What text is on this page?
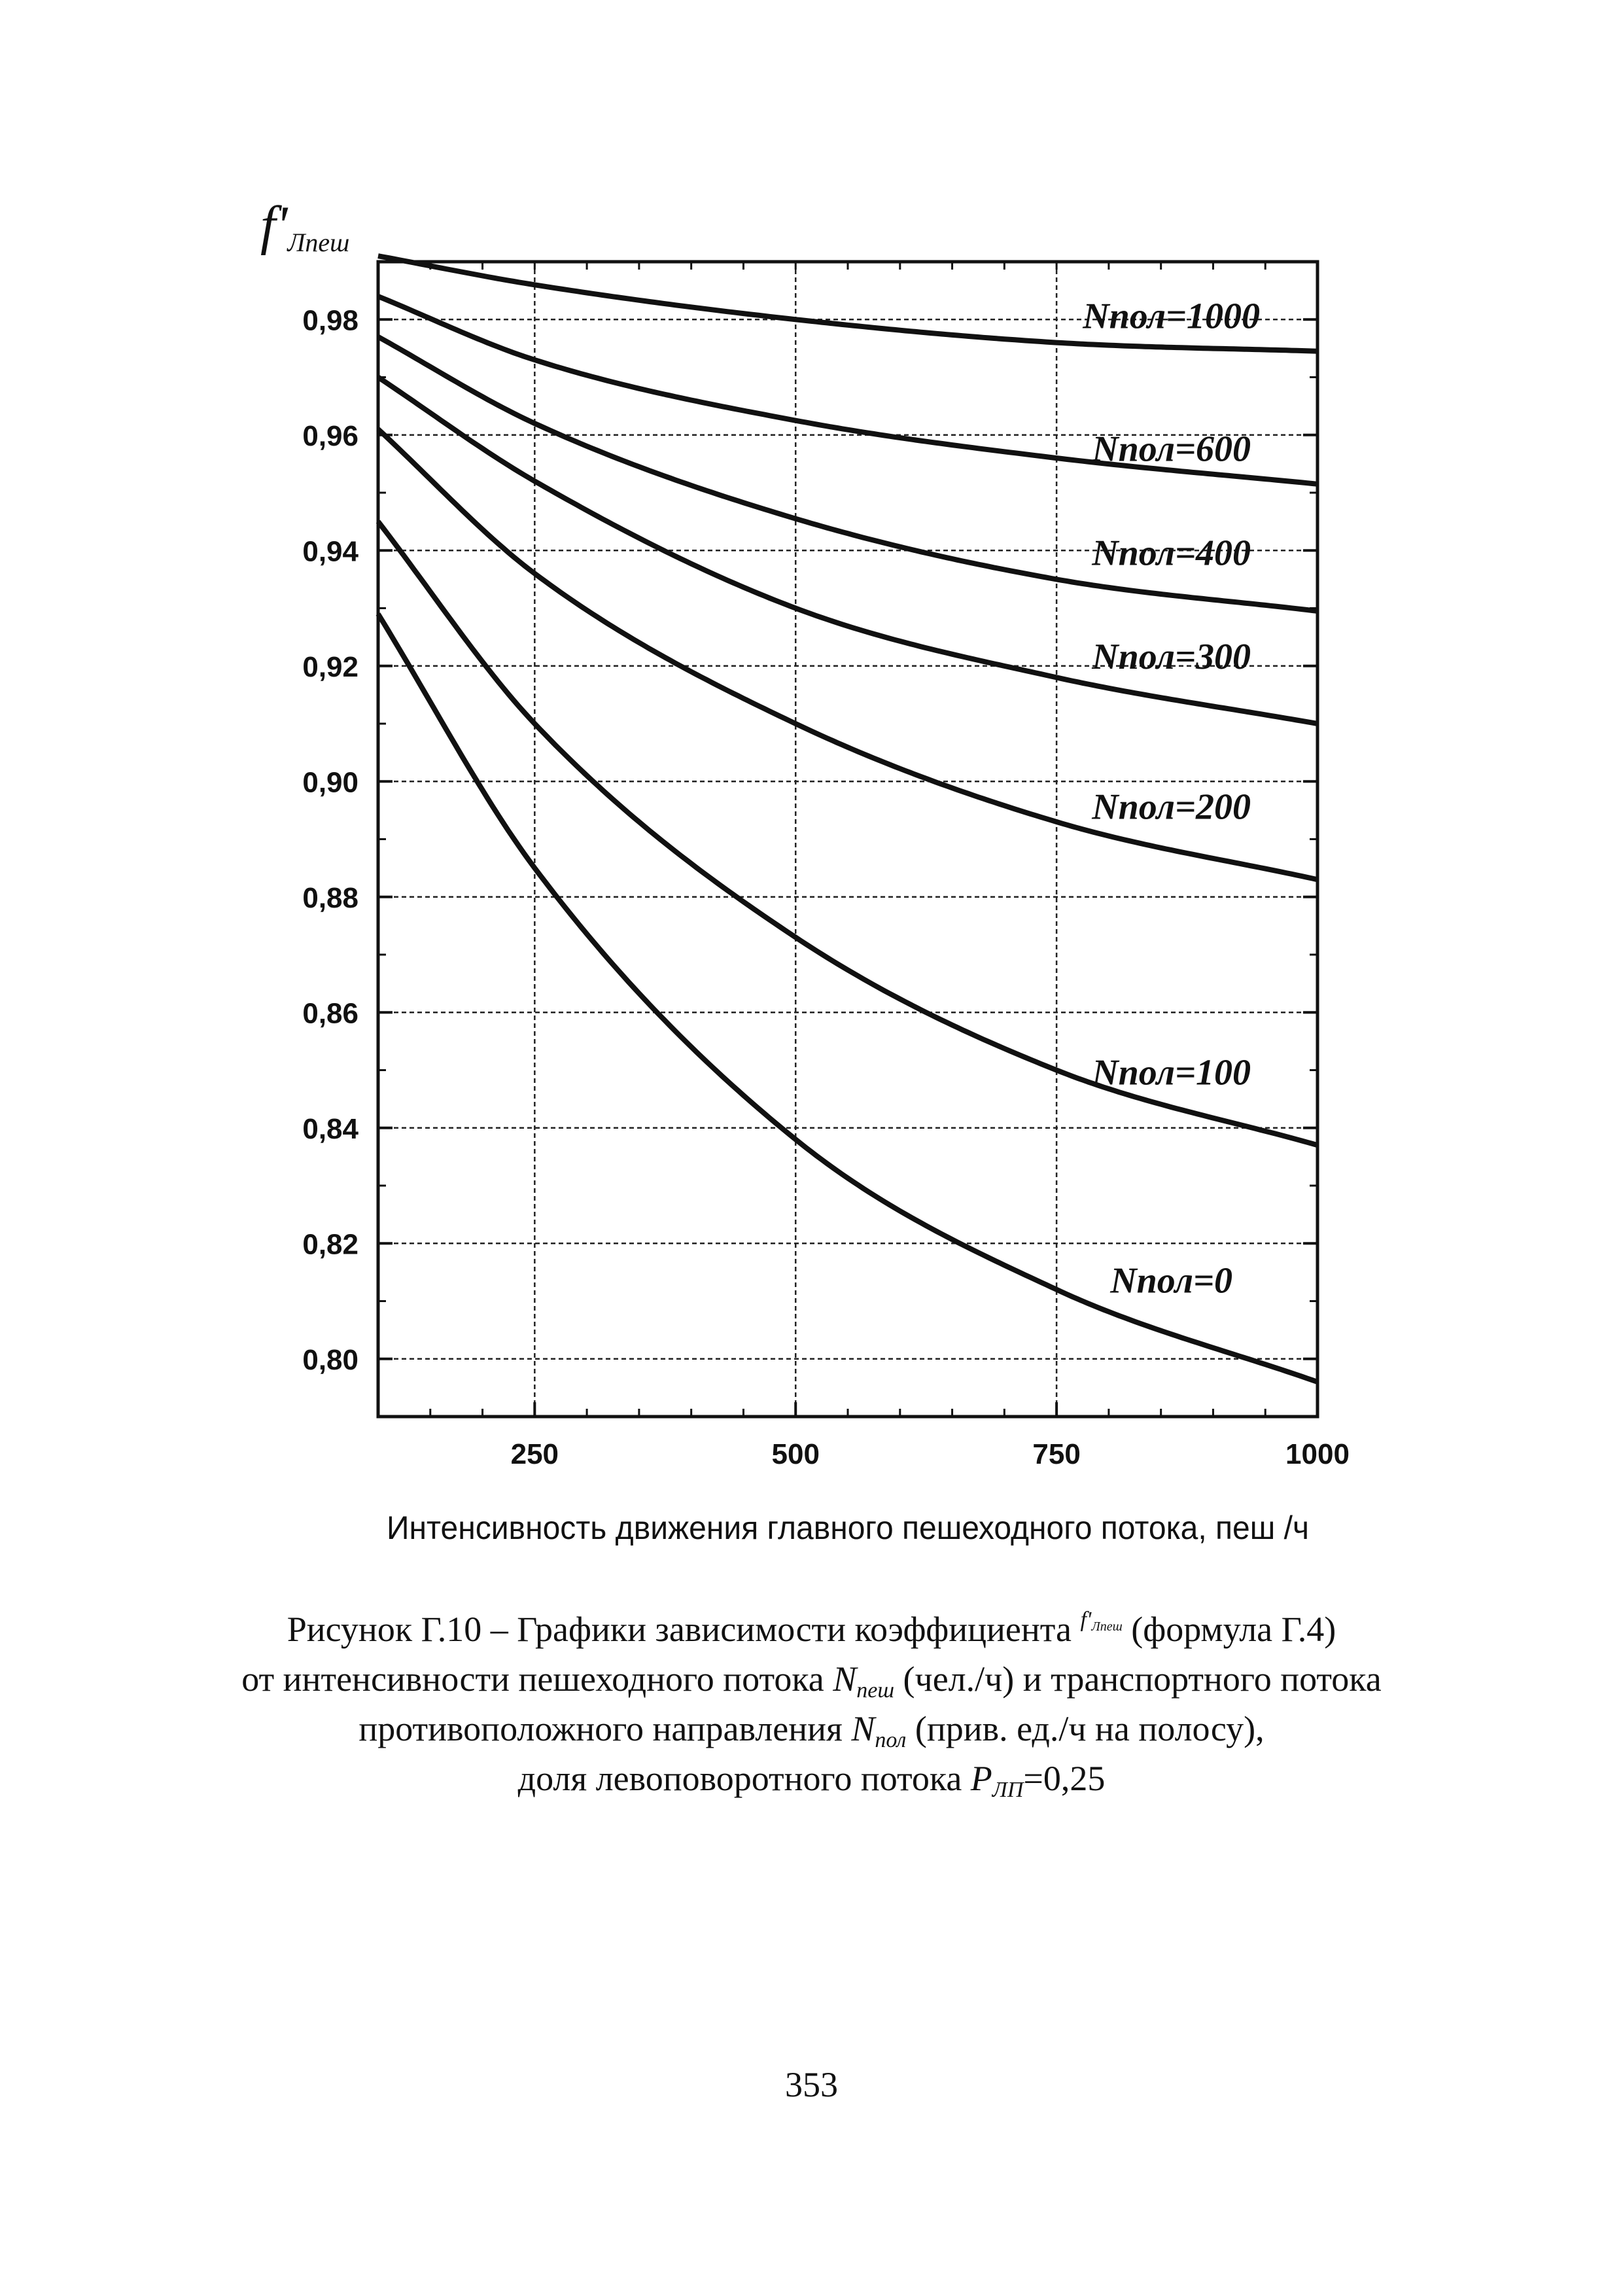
0,80
0,82
0,84
0,86
0,88
0,90
0,92
0,94
0,96
0,98
250	500	750	1000
Nпол=1000
Nпол=600
Nпол=400
Nпол=300
Nпол=200
Nпол=100
Nпол=0
f'Лпеш
Интенсивность движения главного пешеходного потока, пеш /ч
Рисунок Г.10 – Графики зависимости коэффициента $^{f'_{Лпеш}}$ (формула Г.4)
от интенсивности пешеходного потока $N_{пеш}$ (чел./ч) и транспортного потока
противоположного направления $N_{пол}$ (прив. ед./ч на полосу),
доля левоповоротного потока $P_{ЛП}=0,25$
353
